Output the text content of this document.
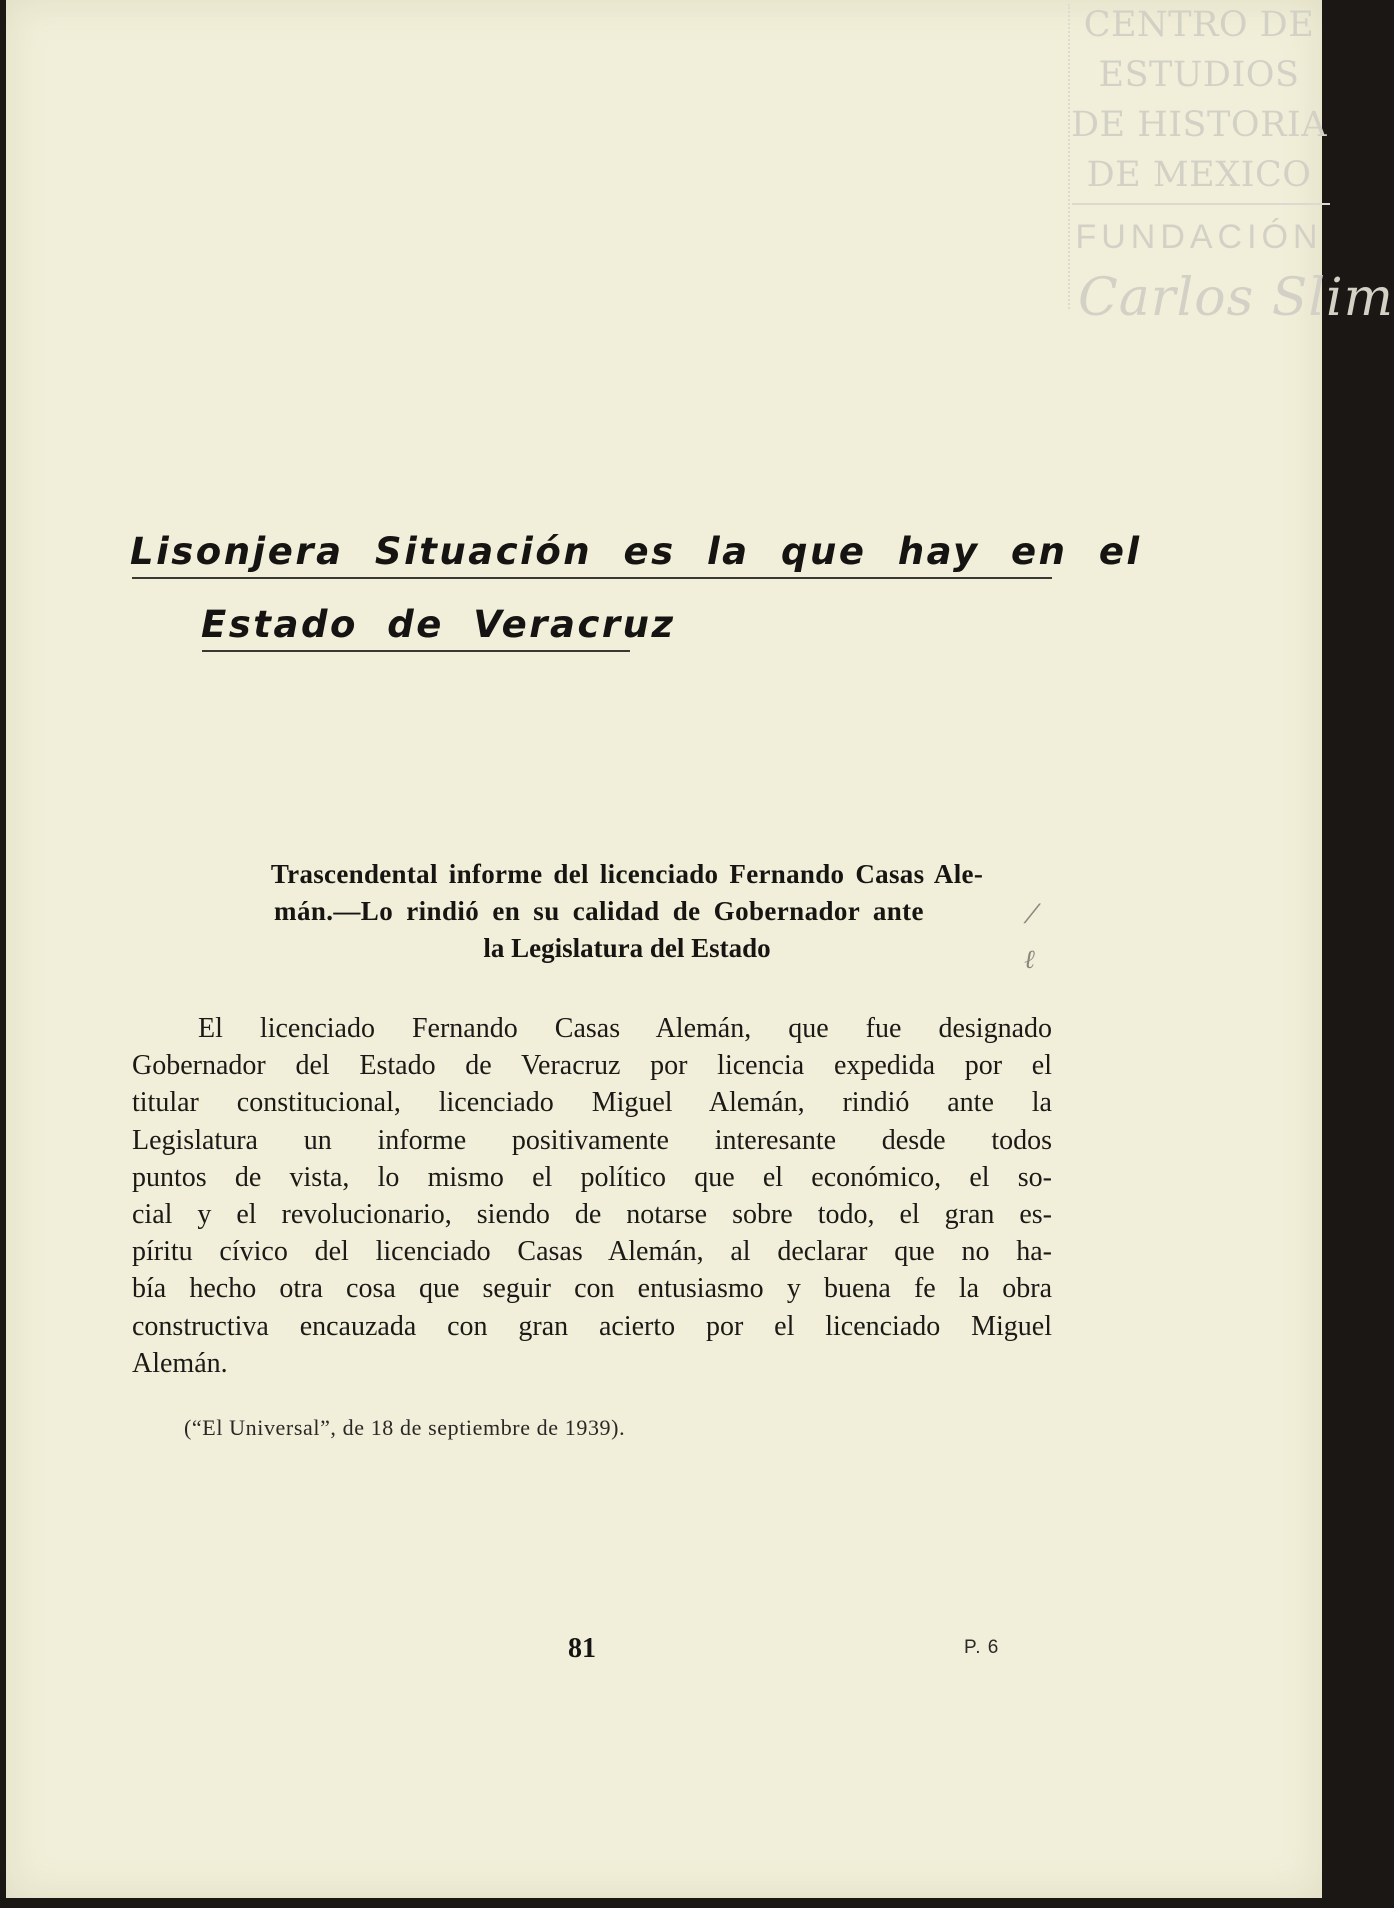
CENTRO DE
ESTUDIOS
DE HISTORIA
DE MEXICO
FUNDACIÓN
Carlos Slim
Lisonjera Situación es la que hay en el
Estado de Veracruz
Trascendental informe del licenciado Fernando Casas Ale-
mán.—Lo rindió en su calidad de Gobernador ante
la Legislatura del Estado
⁄
ℓ
El licenciado Fernando Casas Alemán, que fue designado
Gobernador del Estado de Veracruz por licencia expedida por el
titular constitucional, licenciado Miguel Alemán, rindió ante la
Legislatura un informe positivamente interesante desde todos
puntos de vista, lo mismo el político que el económico, el so-
cial y el revolucionario, siendo de notarse sobre todo, el gran es-
píritu cívico del licenciado Casas Alemán, al declarar que no ha-
bía hecho otra cosa que seguir con entusiasmo y buena fe la obra
constructiva encauzada con gran acierto por el licenciado Miguel
Alemán.
(“El Universal”, de 18 de septiembre de 1939).
81	P. 6
